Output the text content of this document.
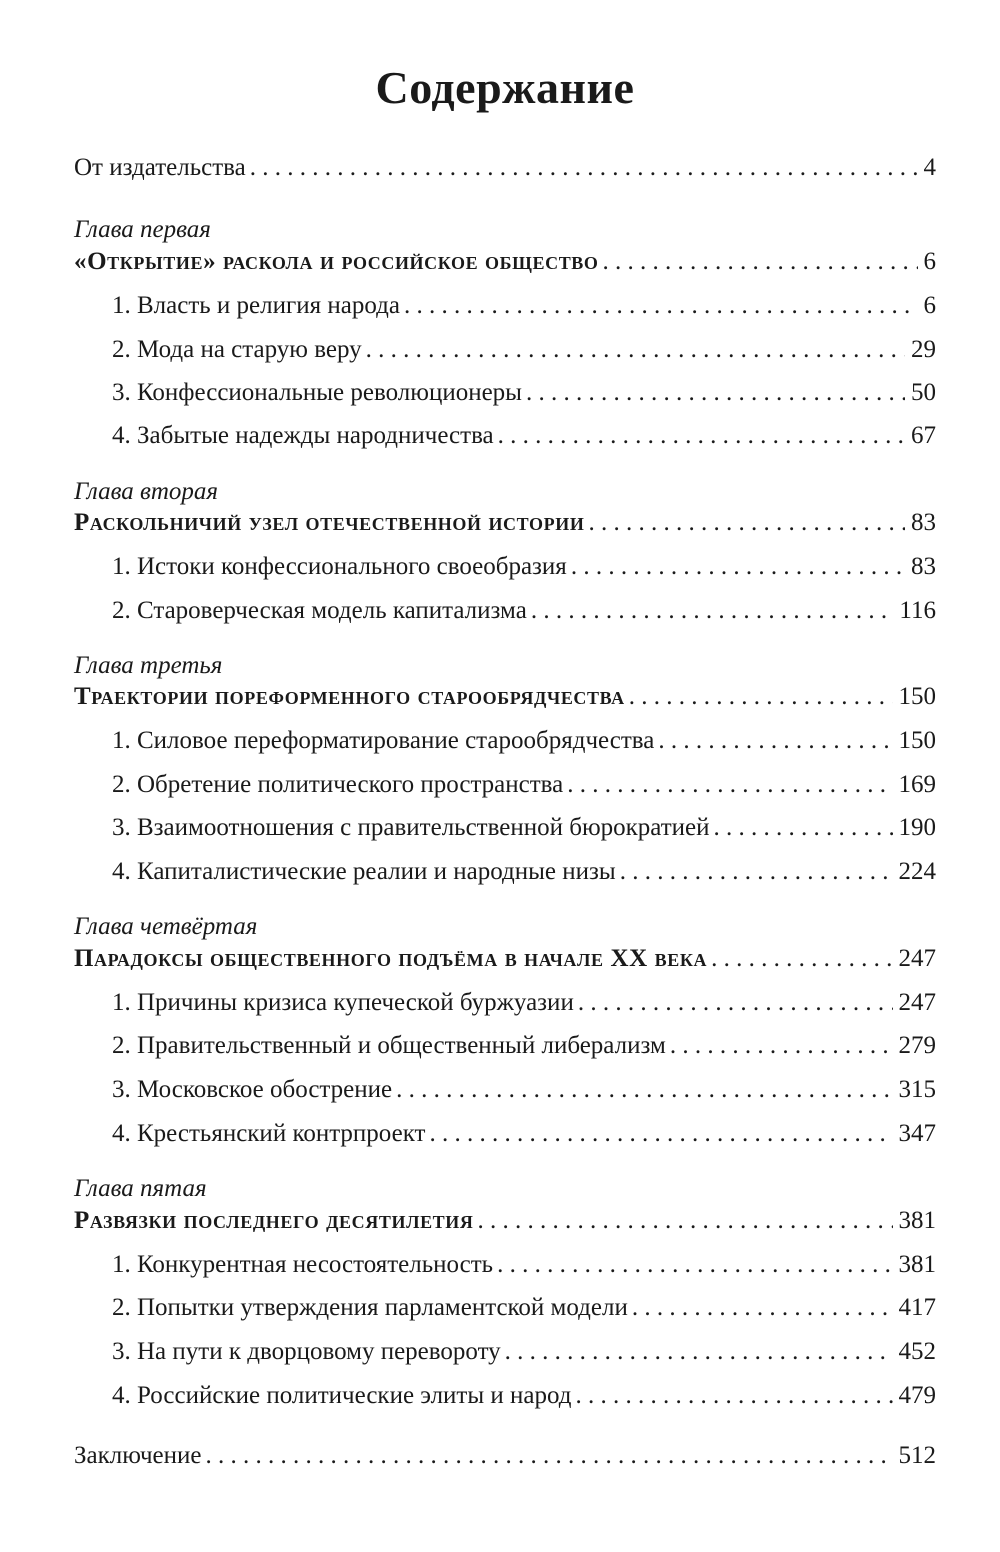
Содержание
От издательства . . .	4
Глава первая
«Открытие» раскола и российское общество . . .	6
1. Власть и религия народа . . .	6
2. Мода на старую веру . . .	29
3. Конфессиональные революционеры . . .	50
4. Забытые надежды народничества . . .	67
Глава вторая
Раскольничий узел отечественной истории . . .	83
1. Истоки конфессионального своеобразия . . .	83
2. Староверческая модель капитализма . . .	116
Глава третья
Траектории пореформенного старообрядчества . . .	150
1. Силовое переформатирование старообрядчества . . .	150
2. Обретение политического пространства . . .	169
3. Взаимоотношения с правительственной бюрократией . . .	190
4. Капиталистические реалии и народные низы . . .	224
Глава четвёртая
Парадоксы общественного подъёма в начале XX века . . .	247
1. Причины кризиса купеческой буржуазии . . .	247
2. Правительственный и общественный либерализм . . .	279
3. Московское обострение . . .	315
4. Крестьянский контрпроект . . .	347
Глава пятая
Развязки последнего десятилетия . . .	381
1. Конкурентная несостоятельность . . .	381
2. Попытки утверждения парламентской модели . . .	417
3. На пути к дворцовому перевороту . . .	452
4. Российские политические элиты и народ . . .	479
Заключение . . .	512
